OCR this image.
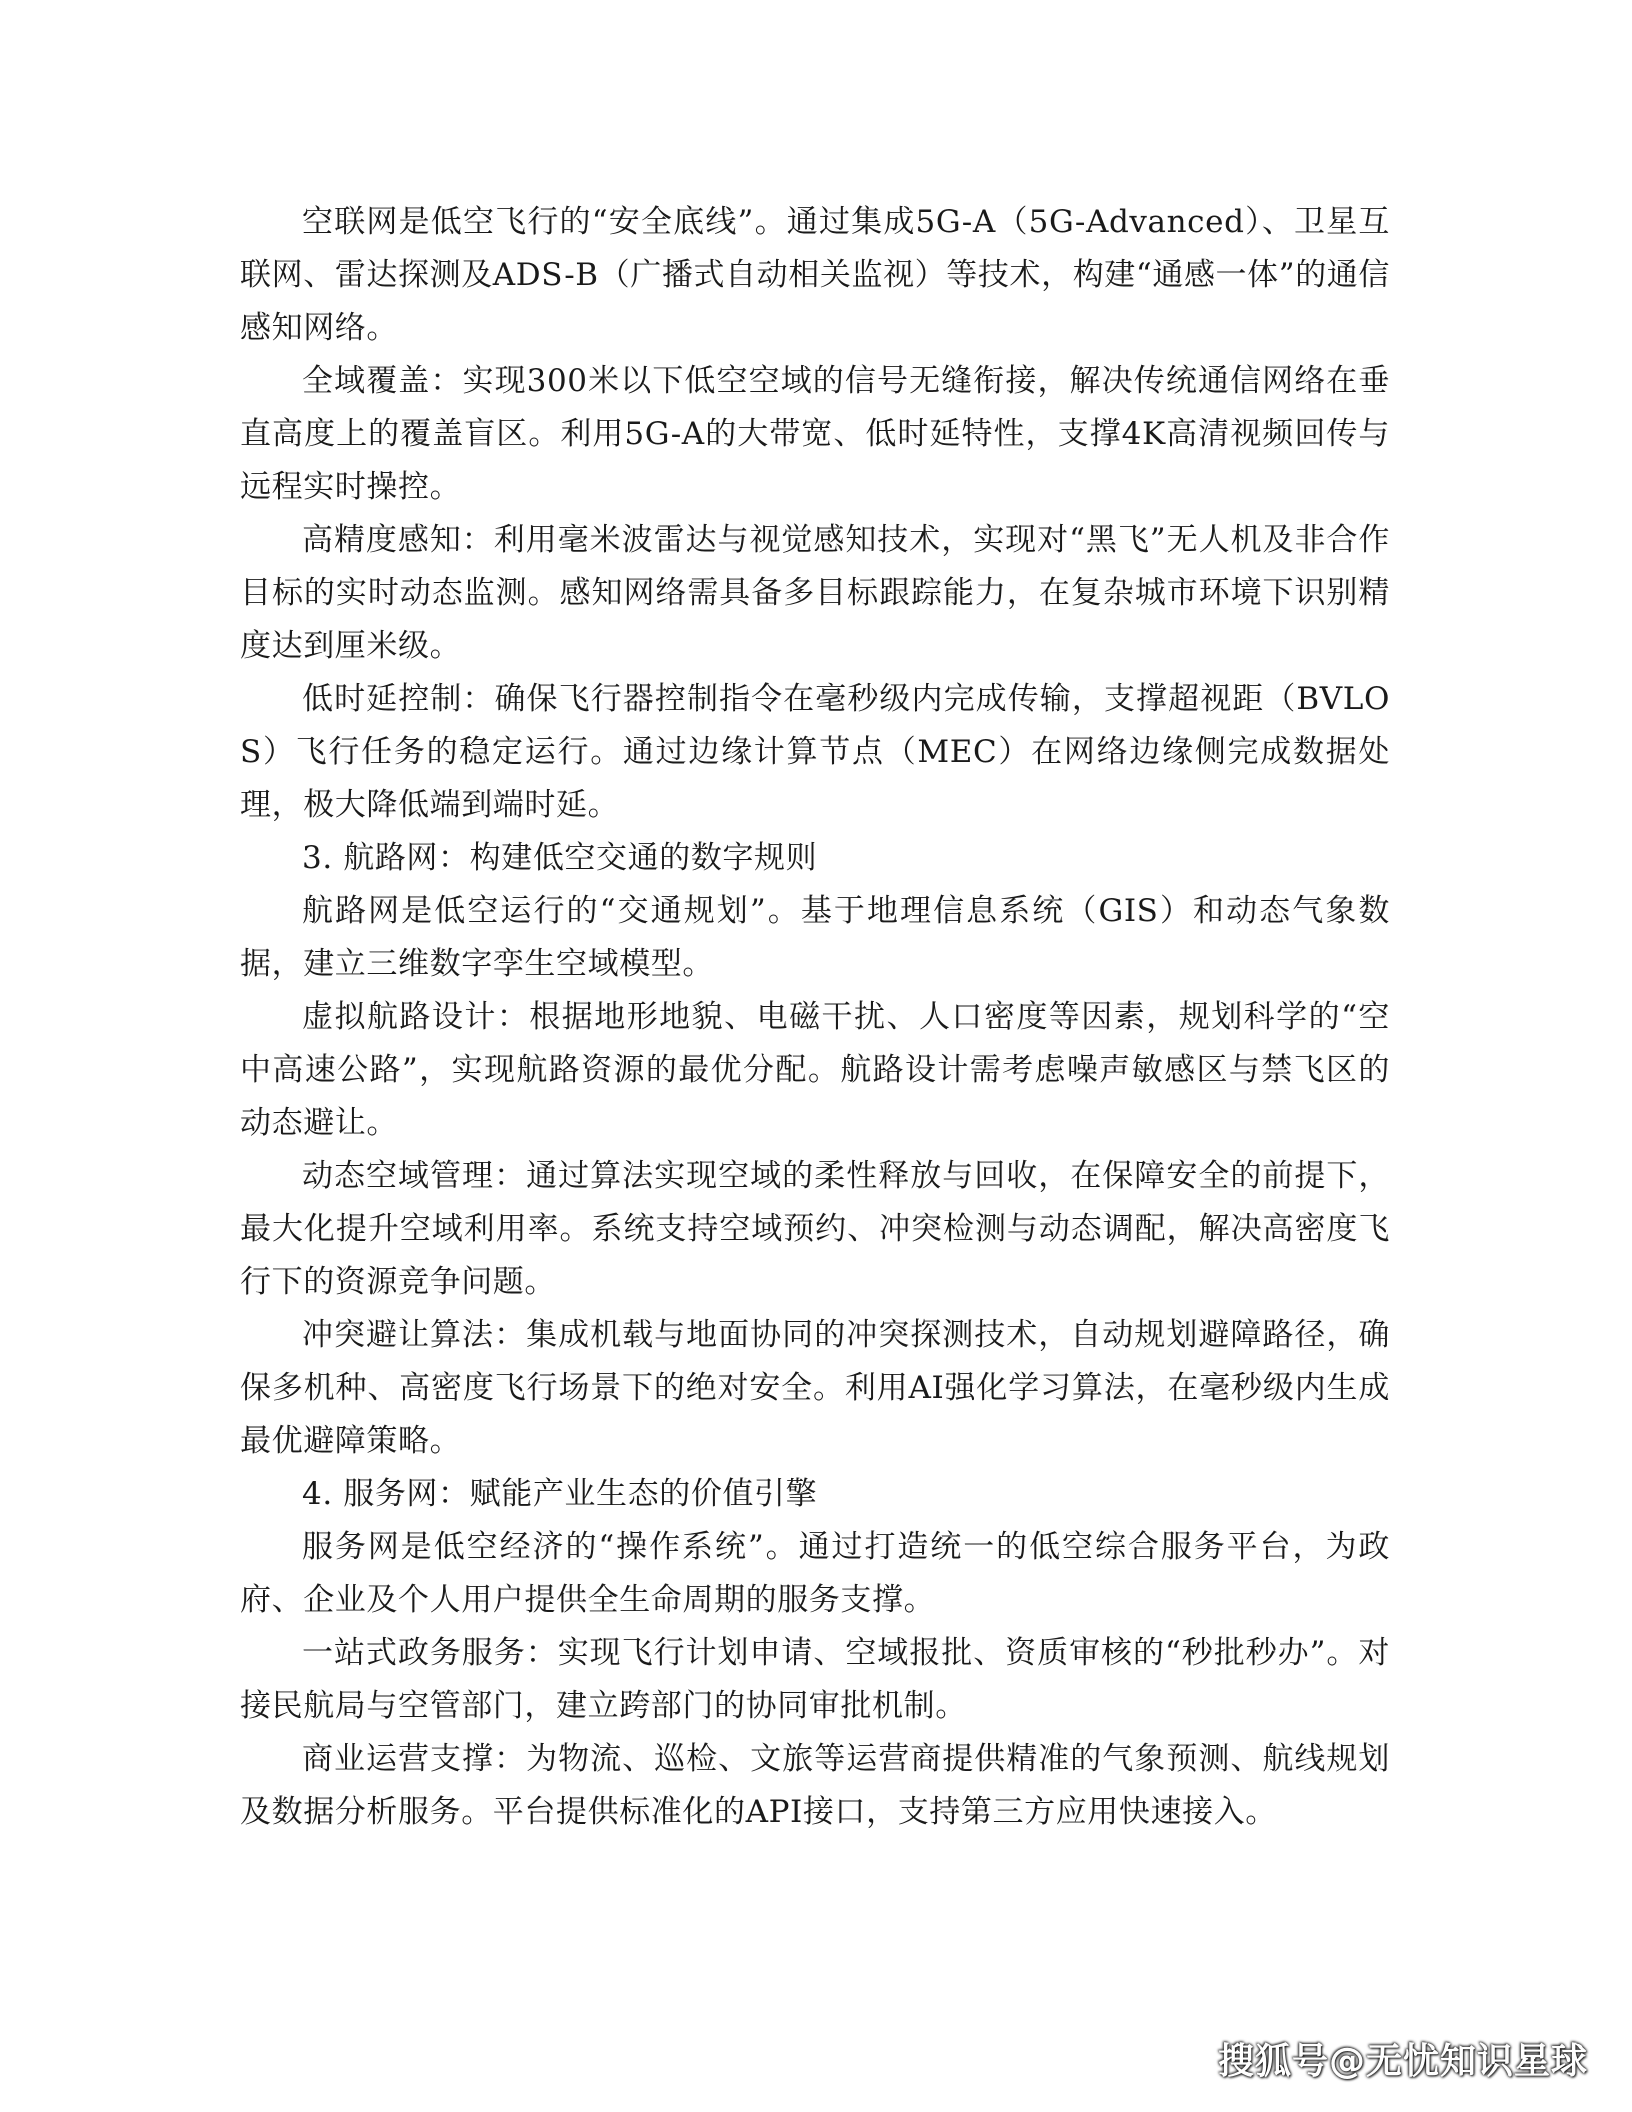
空联网是低空飞行的“安全底线”。通过集成5G-A（5G-Advanced）、卫星互联网、雷达探测及ADS-B（广播式自动相关监视）等技术，构建“通感一体”的通信感知网络。

全域覆盖：实现300米以下低空空域的信号无缝衔接，解决传统通信网络在垂直高度上的覆盖盲区。利用5G-A的大带宽、低时延特性，支撑4K高清视频回传与远程实时操控。

高精度感知：利用毫米波雷达与视觉感知技术，实现对“黑飞”无人机及非合作目标的实时动态监测。感知网络需具备多目标跟踪能力，在复杂城市环境下识别精度达到厘米级。

低时延控制：确保飞行器控制指令在毫秒级内完成传输，支撑超视距（BVLOS）飞行任务的稳定运行。通过边缘计算节点（MEC）在网络边缘侧完成数据处理，极大降低端到端时延。

3. 航路网：构建低空交通的数字规则

航路网是低空运行的“交通规划”。基于地理信息系统（GIS）和动态气象数据，建立三维数字孪生空域模型。

虚拟航路设计：根据地形地貌、电磁干扰、人口密度等因素，规划科学的“空中高速公路”，实现航路资源的最优分配。航路设计需考虑噪声敏感区与禁飞区的动态避让。

动态空域管理：通过算法实现空域的柔性释放与回收，在保障安全的前提下，最大化提升空域利用率。系统支持空域预约、冲突检测与动态调配，解决高密度飞行下的资源竞争问题。

冲突避让算法：集成机载与地面协同的冲突探测技术，自动规划避障路径，确保多机种、高密度飞行场景下的绝对安全。利用AI强化学习算法，在毫秒级内生成最优避障策略。

4. 服务网：赋能产业生态的价值引擎

服务网是低空经济的“操作系统”。通过打造统一的低空综合服务平台，为政府、企业及个人用户提供全生命周期的服务支撑。

一站式政务服务：实现飞行计划申请、空域报批、资质审核的“秒批秒办”。对接民航局与空管部门，建立跨部门的协同审批机制。

商业运营支撑：为物流、巡检、文旅等运营商提供精准的气象预测、航线规划及数据分析服务。平台提供标准化的API接口，支持第三方应用快速接入。

搜狐号@无忧知识星球
